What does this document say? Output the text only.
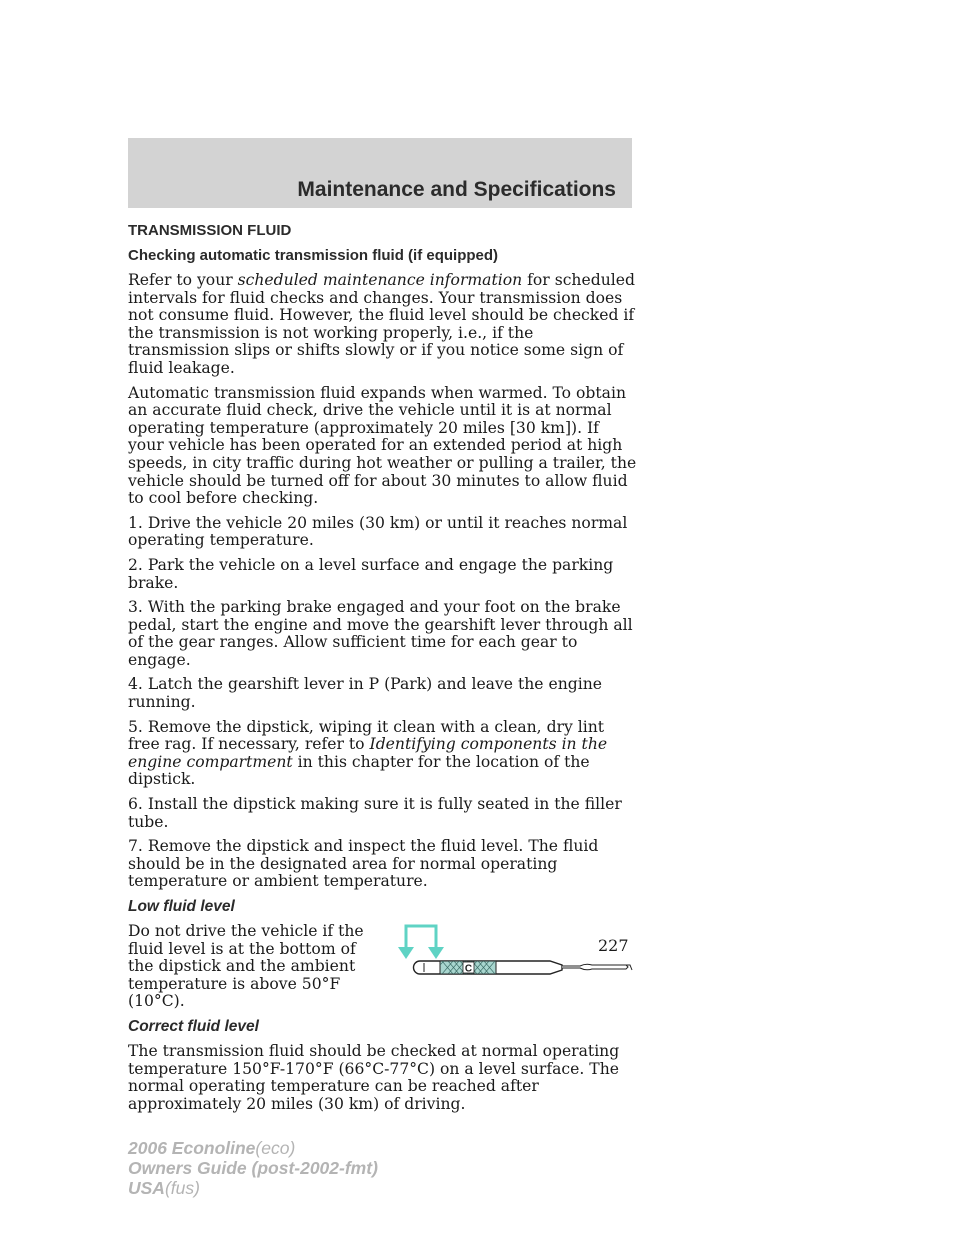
Maintenance and Specifications
TRANSMISSION FLUID
Checking automatic transmission fluid (if equipped)

Refer to your scheduled maintenance information for scheduled intervals for fluid checks and changes. Your transmission does not consume fluid. However, the fluid level should be checked if the transmission is not working properly, i.e., if the transmission slips or shifts slowly or if you notice some sign of fluid leakage.

Automatic transmission fluid expands when warmed. To obtain an accurate fluid check, drive the vehicle until it is at normal operating temperature (approximately 20 miles [30 km]). If your vehicle has been operated for an extended period at high speeds, in city traffic during hot weather or pulling a trailer, the vehicle should be turned off for about 30 minutes to allow fluid to cool before checking.

1. Drive the vehicle 20 miles (30 km) or until it reaches normal operating temperature.

2. Park the vehicle on a level surface and engage the parking brake.

3. With the parking brake engaged and your foot on the brake pedal, start the engine and move the gearshift lever through all of the gear ranges. Allow sufficient time for each gear to engage.

4. Latch the gearshift lever in P (Park) and leave the engine running.

5. Remove the dipstick, wiping it clean with a clean, dry lint free rag. If necessary, refer to Identifying components in the engine compartment in this chapter for the location of the dipstick.

6. Install the dipstick making sure it is fully seated in the filler tube.

7. Remove the dipstick and inspect the fluid level. The fluid should be in the designated area for normal operating temperature or ambient temperature.

Low fluid level

Do not drive the vehicle if the fluid level is at the bottom of the dipstick and the ambient temperature is above 50°F (10°C).

C
Correct fluid level

The transmission fluid should be checked at normal operating temperature 150°F-170°F (66°C-77°C) on a level surface. The normal operating temperature can be reached after approximately 20 miles (30 km) of driving.

227
2006 Econoline(eco)
Owners Guide (post-2002-fmt)
USA(fus)
